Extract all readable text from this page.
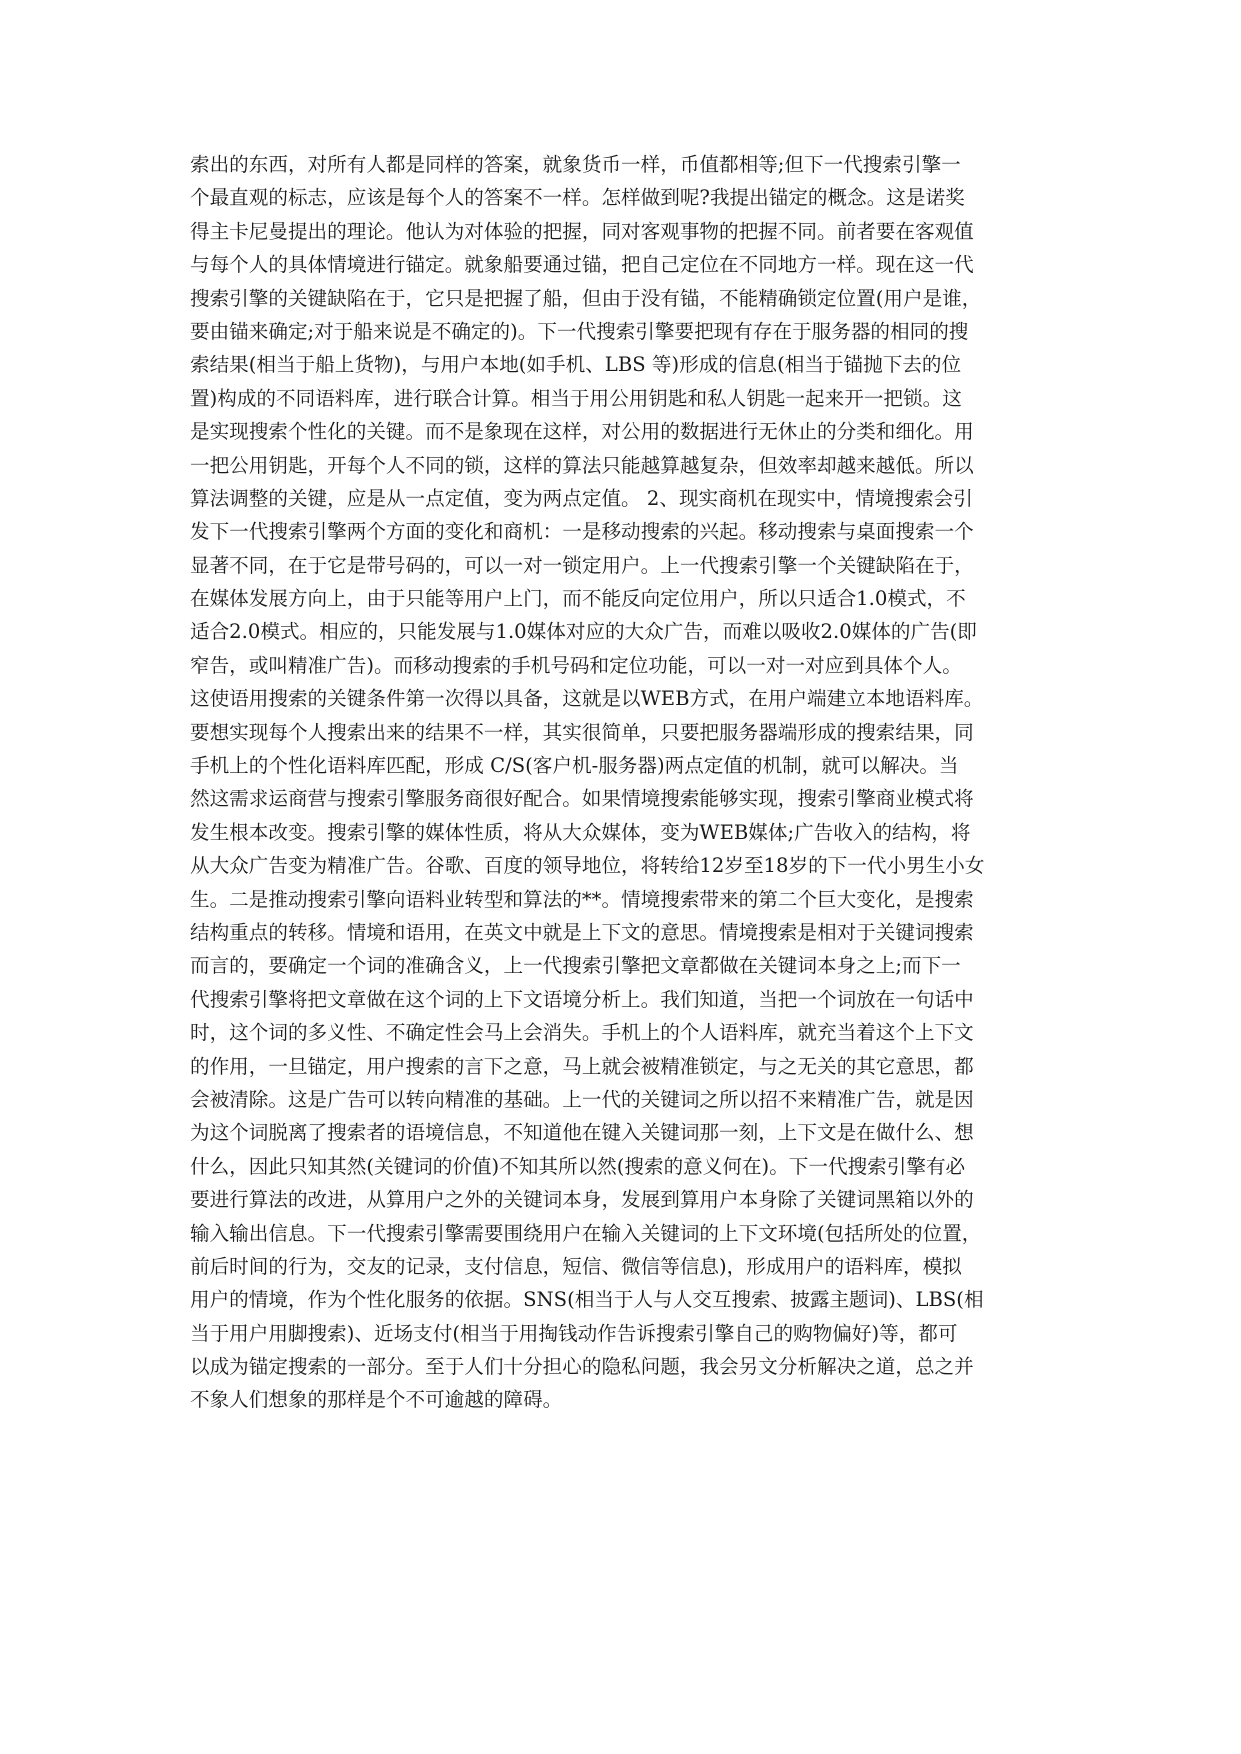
索出的东西，对所有人都是同样的答案，就象货币一样，币值都相等;但下一代搜索引擎一
个最直观的标志，应该是每个人的答案不一样。怎样做到呢?我提出锚定的概念。这是诺奖
得主卡尼曼提出的理论。他认为对体验的把握，同对客观事物的把握不同。前者要在客观值
与每个人的具体情境进行锚定。就象船要通过锚，把自己定位在不同地方一样。现在这一代
搜索引擎的关键缺陷在于，它只是把握了船，但由于没有锚，不能精确锁定位置(用户是谁，
要由锚来确定;对于船来说是不确定的)。下一代搜索引擎要把现有存在于服务器的相同的搜
索结果(相当于船上货物)，与用户本地(如手机、LBS 等)形成的信息(相当于锚抛下去的位
置)构成的不同语料库，进行联合计算。相当于用公用钥匙和私人钥匙一起来开一把锁。这
是实现搜索个性化的关键。而不是象现在这样，对公用的数据进行无休止的分类和细化。用
一把公用钥匙，开每个人不同的锁，这样的算法只能越算越复杂，但效率却越来越低。所以
算法调整的关键，应是从一点定值，变为两点定值。 2、现实商机在现实中，情境搜索会引
发下一代搜索引擎两个方面的变化和商机：一是移动搜索的兴起。移动搜索与桌面搜索一个
显著不同，在于它是带号码的，可以一对一锁定用户。上一代搜索引擎一个关键缺陷在于，
在媒体发展方向上，由于只能等用户上门，而不能反向定位用户，所以只适合1.0模式，不
适合2.0模式。相应的，只能发展与1.0媒体对应的大众广告，而难以吸收2.0媒体的广告(即
窄告，或叫精准广告)。而移动搜索的手机号码和定位功能，可以一对一对应到具体个人。
这使语用搜索的关键条件第一次得以具备，这就是以WEB方式，在用户端建立本地语料库。
要想实现每个人搜索出来的结果不一样，其实很简单，只要把服务器端形成的搜索结果，同
手机上的个性化语料库匹配，形成 C/S(客户机-服务器)两点定值的机制，就可以解决。当
然这需求运商营与搜索引擎服务商很好配合。如果情境搜索能够实现，搜索引擎商业模式将
发生根本改变。搜索引擎的媒体性质，将从大众媒体，变为WEB媒体;广告收入的结构，将
从大众广告变为精准广告。谷歌、百度的领导地位，将转给12岁至18岁的下一代小男生小女
生。二是推动搜索引擎向语料业转型和算法的**。情境搜索带来的第二个巨大变化，是搜索
结构重点的转移。情境和语用，在英文中就是上下文的意思。情境搜索是相对于关键词搜索
而言的，要确定一个词的准确含义，上一代搜索引擎把文章都做在关键词本身之上;而下一
代搜索引擎将把文章做在这个词的上下文语境分析上。我们知道，当把一个词放在一句话中
时，这个词的多义性、不确定性会马上会消失。手机上的个人语料库，就充当着这个上下文
的作用，一旦锚定，用户搜索的言下之意，马上就会被精准锁定，与之无关的其它意思，都
会被清除。这是广告可以转向精准的基础。上一代的关键词之所以招不来精准广告，就是因
为这个词脱离了搜索者的语境信息，不知道他在键入关键词那一刻，上下文是在做什么、想
什么，因此只知其然(关键词的价值)不知其所以然(搜索的意义何在)。下一代搜索引擎有必
要进行算法的改进，从算用户之外的关键词本身，发展到算用户本身除了关键词黑箱以外的
输入输出信息。下一代搜索引擎需要围绕用户在输入关键词的上下文环境(包括所处的位置，
前后时间的行为，交友的记录，支付信息，短信、微信等信息)，形成用户的语料库，模拟
用户的情境，作为个性化服务的依据。SNS(相当于人与人交互搜索、披露主题词)、LBS(相
当于用户用脚搜索)、近场支付(相当于用掏钱动作告诉搜索引擎自己的购物偏好)等，都可
以成为锚定搜索的一部分。至于人们十分担心的隐私问题，我会另文分析解决之道，总之并
不象人们想象的那样是个不可逾越的障碍。
